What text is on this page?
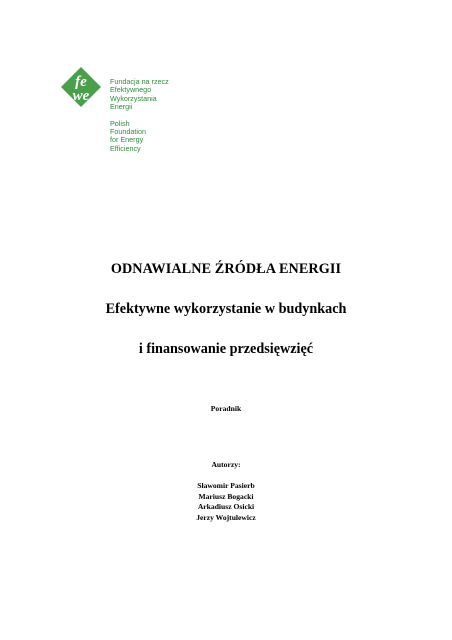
fe
we
Fundacja na rzecz
Efektywnego
Wykorzystania
Energii
Polish
Foundation
for Energy
Efficiency
ODNAWIALNE ŹRÓDŁA ENERGII
Efektywne wykorzystanie w budynkach
i finansowanie przedsięwzięć
Poradnik
Autorzy:
Sławomir Pasierb
Mariusz Bogacki
Arkadiusz Osicki
Jerzy Wojtulewicz
